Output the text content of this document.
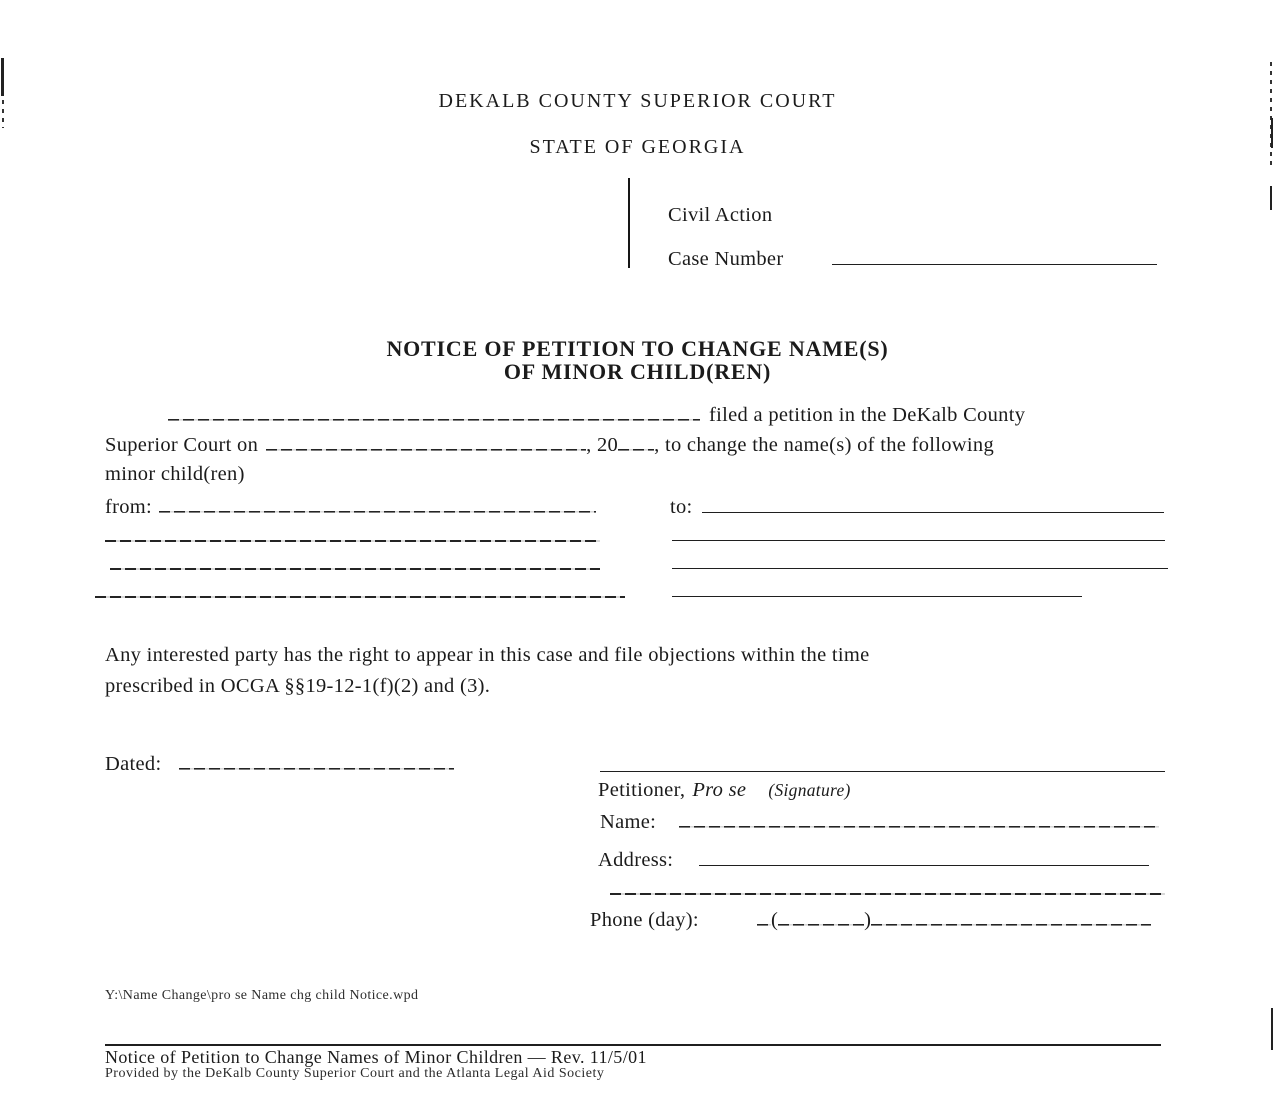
DEKALB COUNTY SUPERIOR COURT
STATE OF GEORGIA
Civil Action
Case Number
NOTICE OF PETITION TO CHANGE NAME(S)
OF MINOR CHILD(REN)
filed a petition in the DeKalb County
Superior Court on	, 20 , to change the name(s) of the following
minor child(ren)
from:	to:
Any interested party has the right to appear in this case and file objections within the time
prescribed in OCGA §§19-12-1(f)(2) and (3).
Dated:
Petitioner, Pro se (Signature)
Name:
Address:
Phone (day):	(	)
Y:\Name Change\pro se Name chg child Notice.wpd
Notice of Petition to Change Names of Minor Children — Rev. 11/5/01
Provided by the DeKalb County Superior Court and the Atlanta Legal Aid Society
